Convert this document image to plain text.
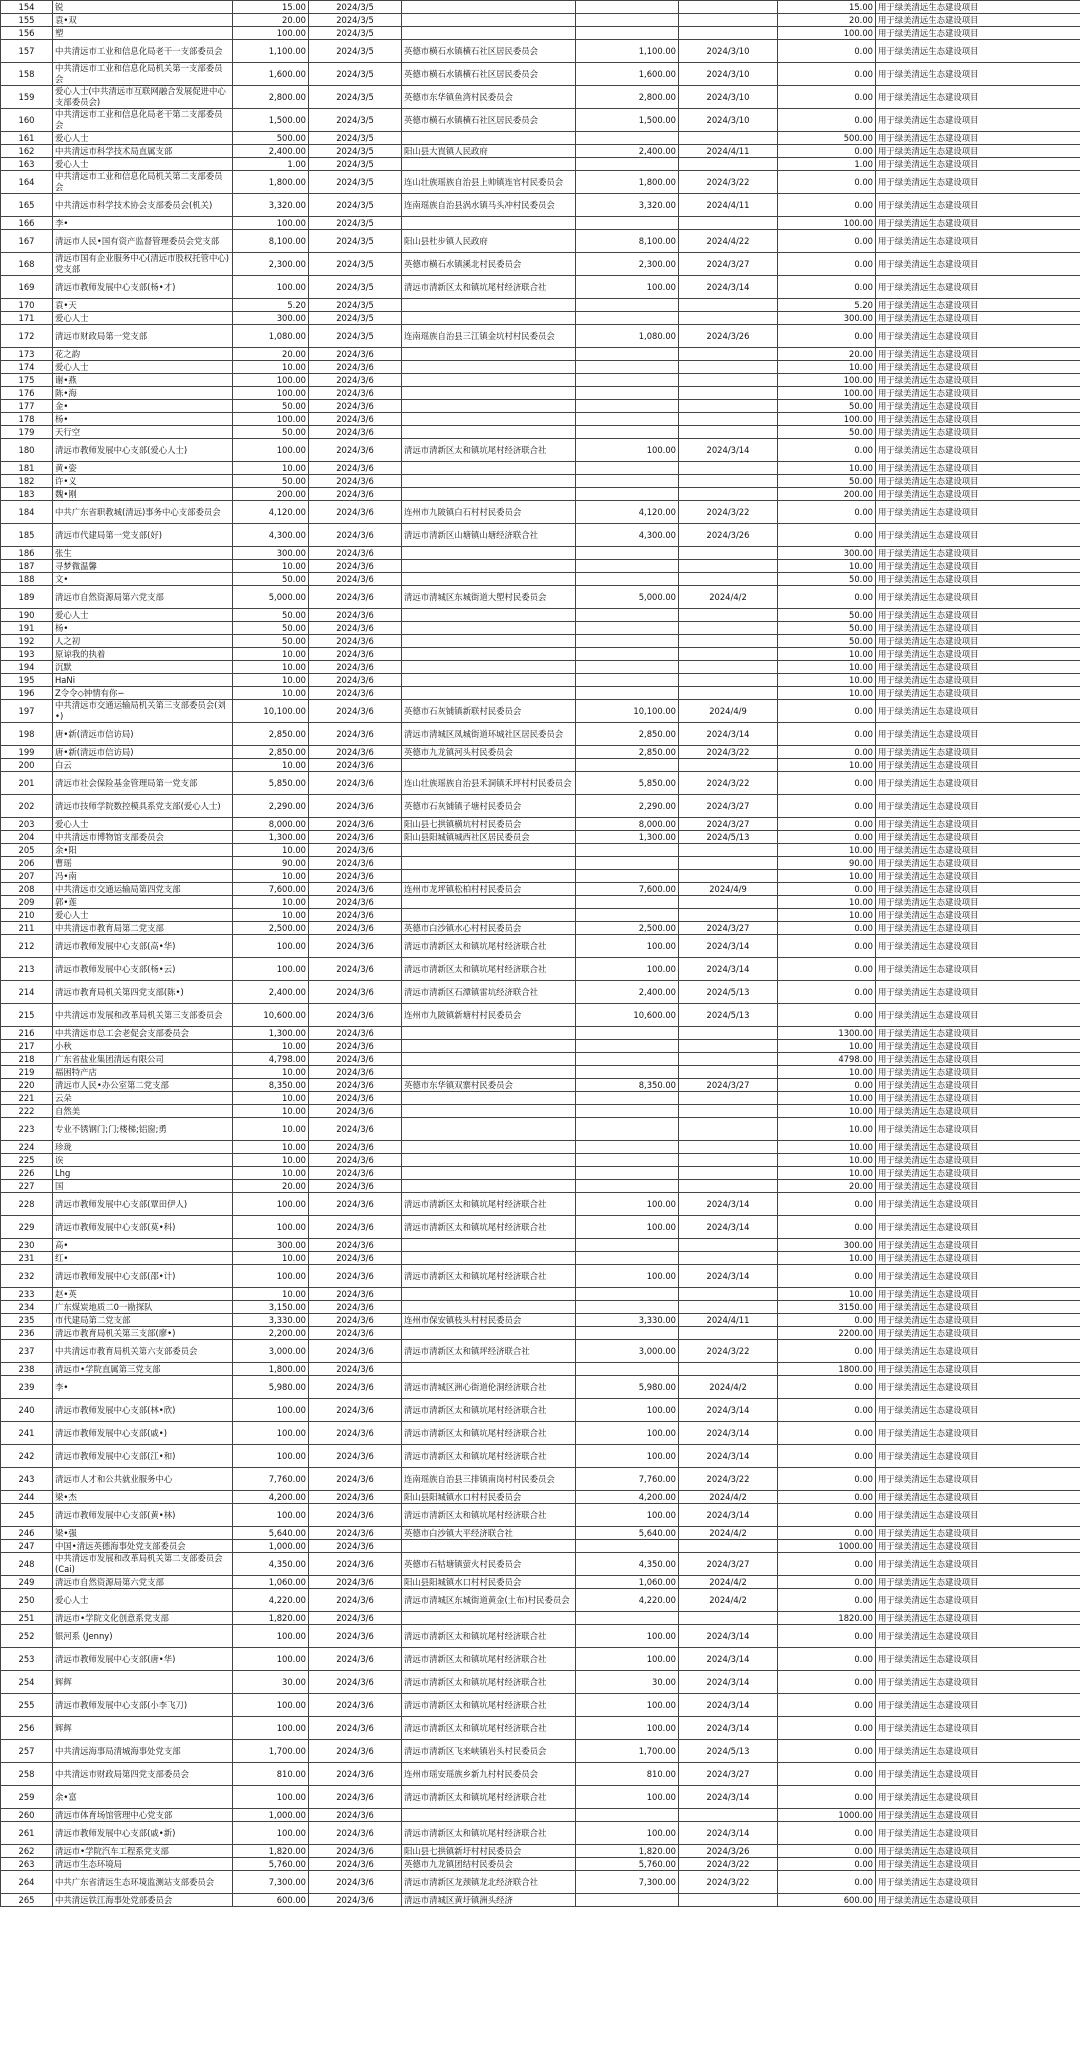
154	锐	15.00	2024/3/5				15.00	用于绿美清远生态建设项目
155	袁•双	20.00	2024/3/5				20.00	用于绿美清远生态建设项目
156	塑	100.00	2024/3/5				100.00	用于绿美清远生态建设项目
157	中共清远市工业和信息化局老干一支部委员会	1,100.00	2024/3/5	英德市横石水镇横石社区居民委员会	1,100.00	2024/3/10	0.00	用于绿美清远生态建设项目
158	中共清远市工业和信息化局机关第一支部委员会	1,600.00	2024/3/5	英德市横石水镇横石社区居民委员会	1,600.00	2024/3/10	0.00	用于绿美清远生态建设项目
159	爱心人士(中共清远市互联网融合发展促进中心支部委员会)	2,800.00	2024/3/5	英德市东华镇鱼湾村民委员会	2,800.00	2024/3/10	0.00	用于绿美清远生态建设项目
160	中共清远市工业和信息化局老干第二支部委员会	1,500.00	2024/3/5	英德市横石水镇横石社区居民委员会	1,500.00	2024/3/10	0.00	用于绿美清远生态建设项目
161	爱心人士	500.00	2024/3/5				500.00	用于绿美清远生态建设项目
162	中共清远市科学技术局直属支部	2,400.00	2024/3/5	阳山县大崀镇人民政府	2,400.00	2024/4/11	0.00	用于绿美清远生态建设项目
163	爱心人士	1.00	2024/3/5				1.00	用于绿美清远生态建设项目
164	中共清远市工业和信息化局机关第二支部委员会	1,800.00	2024/3/5	连山壮族瑶族自治县上帅镇连官村民委员会	1,800.00	2024/3/22	0.00	用于绿美清远生态建设项目
165	中共清远市科学技术协会支部委员会(机关)	3,320.00	2024/3/5	连南瑶族自治县涡水镇马头冲村民委员会	3,320.00	2024/4/11	0.00	用于绿美清远生态建设项目
166	李•	100.00	2024/3/5				100.00	用于绿美清远生态建设项目
167	清远市人民•国有资产监督管理委员会党支部	8,100.00	2024/3/5	阳山县杜步镇人民政府	8,100.00	2024/4/22	0.00	用于绿美清远生态建设项目
168	清远市国有企业服务中心(清远市股权托管中心)党支部	2,300.00	2024/3/5	英德市横石水镇溪北村民委员会	2,300.00	2024/3/27	0.00	用于绿美清远生态建设项目
169	清远市教师发展中心支部(杨•才)	100.00	2024/3/5	清远市清新区太和镇坑尾村经济联合社	100.00	2024/3/14	0.00	用于绿美清远生态建设项目
170	袁•天	5.20	2024/3/5				5.20	用于绿美清远生态建设项目
171	爱心人士	300.00	2024/3/5				300.00	用于绿美清远生态建设项目
172	清远市财政局第一党支部	1,080.00	2024/3/5	连南瑶族自治县三江镇金坑村村民委员会	1,080.00	2024/3/26	0.00	用于绿美清远生态建设项目
173	花之韵	20.00	2024/3/6				20.00	用于绿美清远生态建设项目
174	爱心人士	10.00	2024/3/6				10.00	用于绿美清远生态建设项目
175	谢•燕	100.00	2024/3/6				100.00	用于绿美清远生态建设项目
176	陈•海	100.00	2024/3/6				100.00	用于绿美清远生态建设项目
177	金•	50.00	2024/3/6				50.00	用于绿美清远生态建设项目
178	杨•	100.00	2024/3/6				100.00	用于绿美清远生态建设项目
179	天行空	50.00	2024/3/6				50.00	用于绿美清远生态建设项目
180	清远市教师发展中心支部(爱心人士)	100.00	2024/3/6	清远市清新区太和镇坑尾村经济联合社	100.00	2024/3/14	0.00	用于绿美清远生态建设项目
181	黄•姿	10.00	2024/3/6				10.00	用于绿美清远生态建设项目
182	许•义	50.00	2024/3/6				50.00	用于绿美清远生态建设项目
183	魏•刚	200.00	2024/3/6				200.00	用于绿美清远生态建设项目
184	中共广东省职教城(清远)事务中心支部委员会	4,120.00	2024/3/6	连州市九陂镇白石村村民委员会	4,120.00	2024/3/22	0.00	用于绿美清远生态建设项目
185	清远市代建局第一党支部(好)	4,300.00	2024/3/6	清远市清新区山塘镇山塘经济联合社	4,300.00	2024/3/26	0.00	用于绿美清远生态建设项目
186	张生	300.00	2024/3/6				300.00	用于绿美清远生态建设项目
187	寻梦微温馨	10.00	2024/3/6				10.00	用于绿美清远生态建设项目
188	文•	50.00	2024/3/6				50.00	用于绿美清远生态建设项目
189	清远市自然资源局第六党支部	5,000.00	2024/3/6	清远市清城区东城街道大塱村民委员会	5,000.00	2024/4/2	0.00	用于绿美清远生态建设项目
190	爱心人士	50.00	2024/3/6				50.00	用于绿美清远生态建设项目
191	杨•	50.00	2024/3/6				50.00	用于绿美清远生态建设项目
192	人之初	50.00	2024/3/6				50.00	用于绿美清远生态建设项目
193	原谅我的执着	10.00	2024/3/6				10.00	用于绿美清远生态建设项目
194	沉默	10.00	2024/3/6				10.00	用于绿美清远生态建设项目
195	HaNi	10.00	2024/3/6				10.00	用于绿美清远生态建设项目
196	Z令令◇钟情有你∽	10.00	2024/3/6				10.00	用于绿美清远生态建设项目
197	中共清远市交通运输局机关第三支部委员会(刘•)	10,100.00	2024/3/6	英德市石灰铺镇新联村民委员会	10,100.00	2024/4/9	0.00	用于绿美清远生态建设项目
198	唐•新(清远市信访局)	2,850.00	2024/3/6	清远市清城区凤城街道环城社区居民委员会	2,850.00	2024/3/14	0.00	用于绿美清远生态建设项目
199	唐•新(清远市信访局)	2,850.00	2024/3/6	英德市九龙镇河头村民委员会	2,850.00	2024/3/22	0.00	用于绿美清远生态建设项目
200	白云	10.00	2024/3/6				10.00	用于绿美清远生态建设项目
201	清远市社会保险基金管理局第一党支部	5,850.00	2024/3/6	连山壮族瑶族自治县禾洞镇禾坪村村民委员会	5,850.00	2024/3/22	0.00	用于绿美清远生态建设项目
202	清远市技师学院数控模具系党支部(爱心人士)	2,290.00	2024/3/6	英德市石灰铺镇子塘村民委员会	2,290.00	2024/3/27	0.00	用于绿美清远生态建设项目
203	爱心人士	8,000.00	2024/3/6	阳山县七拱镇横坑村村民委员会	8,000.00	2024/3/27	0.00	用于绿美清远生态建设项目
204	中共清远市博物馆支部委员会	1,300.00	2024/3/6	阳山县阳城镇城西社区居民委员会	1,300.00	2024/5/13	0.00	用于绿美清远生态建设项目
205	余•阳	10.00	2024/3/6				10.00	用于绿美清远生态建设项目
206	曹瑶	90.00	2024/3/6				90.00	用于绿美清远生态建设项目
207	冯•南	10.00	2024/3/6				10.00	用于绿美清远生态建设项目
208	中共清远市交通运输局第四党支部	7,600.00	2024/3/6	连州市龙坪镇松柏村村民委员会	7,600.00	2024/4/9	0.00	用于绿美清远生态建设项目
209	郭•莲	10.00	2024/3/6				10.00	用于绿美清远生态建设项目
210	爱心人士	10.00	2024/3/6				10.00	用于绿美清远生态建设项目
211	中共清远市教育局第二党支部	2,500.00	2024/3/6	英德市白沙镇水心村村民委员会	2,500.00	2024/3/27	0.00	用于绿美清远生态建设项目
212	清远市教师发展中心支部(高•华)	100.00	2024/3/6	清远市清新区太和镇坑尾村经济联合社	100.00	2024/3/14	0.00	用于绿美清远生态建设项目
213	清远市教师发展中心支部(杨•云)	100.00	2024/3/6	清远市清新区太和镇坑尾村经济联合社	100.00	2024/3/14	0.00	用于绿美清远生态建设项目
214	清远市教育局机关第四党支部(陈•)	2,400.00	2024/3/6	清远市清新区石潭镇雷坑经济联合社	2,400.00	2024/5/13	0.00	用于绿美清远生态建设项目
215	中共清远市发展和改革局机关第三支部委员会	10,600.00	2024/3/6	连州市九陂镇新塘村村民委员会	10,600.00	2024/5/13	0.00	用于绿美清远生态建设项目
216	中共清远市总工会老促会支部委员会	1,300.00	2024/3/6				1300.00	用于绿美清远生态建设项目
217	小秋	10.00	2024/3/6				10.00	用于绿美清远生态建设项目
218	广东省盐业集团清远有限公司	4,798.00	2024/3/6				4798.00	用于绿美清远生态建设项目
219	福困特产店	10.00	2024/3/6				10.00	用于绿美清远生态建设项目
220	清远市人民•办公室第二党支部	8,350.00	2024/3/6	英德市东华镇双寨村民委员会	8,350.00	2024/3/27	0.00	用于绿美清远生态建设项目
221	云朵	10.00	2024/3/6				10.00	用于绿美清远生态建设项目
222	自然美	10.00	2024/3/6				10.00	用于绿美清远生态建设项目
223	专业不锈钢门;门;楼梯;铝窗;勇	10.00	2024/3/6				10.00	用于绿美清远生态建设项目
224	珍珑	10.00	2024/3/6				10.00	用于绿美清远生态建设项目
225	诶	10.00	2024/3/6				10.00	用于绿美清远生态建设项目
226	Lhg	10.00	2024/3/6				10.00	用于绿美清远生态建设项目
227	国	20.00	2024/3/6				20.00	用于绿美清远生态建设项目
228	清远市教师发展中心支部(覃田伊人)	100.00	2024/3/6	清远市清新区太和镇坑尾村经济联合社	100.00	2024/3/14	0.00	用于绿美清远生态建设项目
229	清远市教师发展中心支部(莫•科)	100.00	2024/3/6	清远市清新区太和镇坑尾村经济联合社	100.00	2024/3/14	0.00	用于绿美清远生态建设项目
230	高•	300.00	2024/3/6				300.00	用于绿美清远生态建设项目
231	红•	10.00	2024/3/6				10.00	用于绿美清远生态建设项目
232	清远市教师发展中心支部(邵•计)	100.00	2024/3/6	清远市清新区太和镇坑尾村经济联合社	100.00	2024/3/14	0.00	用于绿美清远生态建设项目
233	赵•英	10.00	2024/3/6				10.00	用于绿美清远生态建设项目
234	广东煤炭地质二0一勘探队	3,150.00	2024/3/6				3150.00	用于绿美清远生态建设项目
235	市代建局第二党支部	3,330.00	2024/3/6	连州市保安镇枝头村村民委员会	3,330.00	2024/4/11	0.00	用于绿美清远生态建设项目
236	清远市教育局机关第三支部(廖•)	2,200.00	2024/3/6				2200.00	用于绿美清远生态建设项目
237	中共清远市教育局机关第六支部委员会	3,000.00	2024/3/6	清远市清新区太和镇坪经济联合社	3,000.00	2024/3/22	0.00	用于绿美清远生态建设项目
238	清远市•学院直属第三党支部	1,800.00	2024/3/6				1800.00	用于绿美清远生态建设项目
239	李•	5,980.00	2024/3/6	清远市清城区洲心街道伦洞经济联合社	5,980.00	2024/4/2	0.00	用于绿美清远生态建设项目
240	清远市教师发展中心支部(林•欣)	100.00	2024/3/6	清远市清新区太和镇坑尾村经济联合社	100.00	2024/3/14	0.00	用于绿美清远生态建设项目
241	清远市教师发展中心支部(戚•)	100.00	2024/3/6	清远市清新区太和镇坑尾村经济联合社	100.00	2024/3/14	0.00	用于绿美清远生态建设项目
242	清远市教师发展中心支部(江•和)	100.00	2024/3/6	清远市清新区太和镇坑尾村经济联合社	100.00	2024/3/14	0.00	用于绿美清远生态建设项目
243	清远市人才和公共就业服务中心	7,760.00	2024/3/6	连南瑶族自治县三排镇南岗村村民委员会	7,760.00	2024/3/22	0.00	用于绿美清远生态建设项目
244	梁•杰	4,200.00	2024/3/6	阳山县阳城镇水口村村民委员会	4,200.00	2024/4/2	0.00	用于绿美清远生态建设项目
245	清远市教师发展中心支部(黄•林)	100.00	2024/3/6	清远市清新区太和镇坑尾村经济联合社	100.00	2024/3/14	0.00	用于绿美清远生态建设项目
246	梁•强	5,640.00	2024/3/6	英德市白沙镇大平经济联合社	5,640.00	2024/4/2	0.00	用于绿美清远生态建设项目
247	中国•清远英德海事处党支部委员会	1,000.00	2024/3/6				1000.00	用于绿美清远生态建设项目
248	中共清远市发展和改革局机关第二支部委员会(Cai)	4,350.00	2024/3/6	英德市石牯塘镇萤火村民委员会	4,350.00	2024/3/27	0.00	用于绿美清远生态建设项目
249	清远市自然资源局第六党支部	1,060.00	2024/3/6	阳山县阳城镇水口村村民委员会	1,060.00	2024/4/2	0.00	用于绿美清远生态建设项目
250	爱心人士	4,220.00	2024/3/6	清远市清城区东城街道黄金(土布)村民委员会	4,220.00	2024/4/2	0.00	用于绿美清远生态建设项目
251	清远市•学院文化创意系党支部	1,820.00	2024/3/6				1820.00	用于绿美清远生态建设项目
252	银河系 (Jenny)	100.00	2024/3/6	清远市清新区太和镇坑尾村经济联合社	100.00	2024/3/14	0.00	用于绿美清远生态建设项目
253	清远市教师发展中心支部(唐•华)	100.00	2024/3/6	清远市清新区太和镇坑尾村经济联合社	100.00	2024/3/14	0.00	用于绿美清远生态建设项目
254	辉辉	30.00	2024/3/6	清远市清新区太和镇坑尾村经济联合社	30.00	2024/3/14	0.00	用于绿美清远生态建设项目
255	清远市教师发展中心支部(小李飞刀)	100.00	2024/3/6	清远市清新区太和镇坑尾村经济联合社	100.00	2024/3/14	0.00	用于绿美清远生态建设项目
256	辉辉	100.00	2024/3/6	清远市清新区太和镇坑尾村经济联合社	100.00	2024/3/14	0.00	用于绿美清远生态建设项目
257	中共清远海事局清城海事处党支部	1,700.00	2024/3/6	清远市清新区飞来峡镇岩头村民委员会	1,700.00	2024/5/13	0.00	用于绿美清远生态建设项目
258	中共清远市财政局第四党支部委员会	810.00	2024/3/6	连州市瑶安瑶族乡新九村村民委员会	810.00	2024/3/27	0.00	用于绿美清远生态建设项目
259	余•富	100.00	2024/3/6	清远市清新区太和镇坑尾村经济联合社	100.00	2024/3/14	0.00	用于绿美清远生态建设项目
260	清远市体育场馆管理中心党支部	1,000.00	2024/3/6				1000.00	用于绿美清远生态建设项目
261	清远市教师发展中心支部(戚•新)	100.00	2024/3/6	清远市清新区太和镇坑尾村经济联合社	100.00	2024/3/14	0.00	用于绿美清远生态建设项目
262	清远市•学院汽车工程系党支部	1,820.00	2024/3/6	阳山县七拱镇新圩村村民委员会	1,820.00	2024/3/26	0.00	用于绿美清远生态建设项目
263	清远市生态环境局	5,760.00	2024/3/6	英德市九龙镇团结村民委员会	5,760.00	2024/3/22	0.00	用于绿美清远生态建设项目
264	中共广东省清远生态环境监测站支部委员会	7,300.00	2024/3/6	清远市清新区龙颈镇龙北经济联合社	7,300.00	2024/3/22	0.00	用于绿美清远生态建设项目
265	中共清远铁江海事处党部委员会	600.00	2024/3/6	清远市清城区黄圩镇洲头经济			600.00	用于绿美清远生态建设项目
